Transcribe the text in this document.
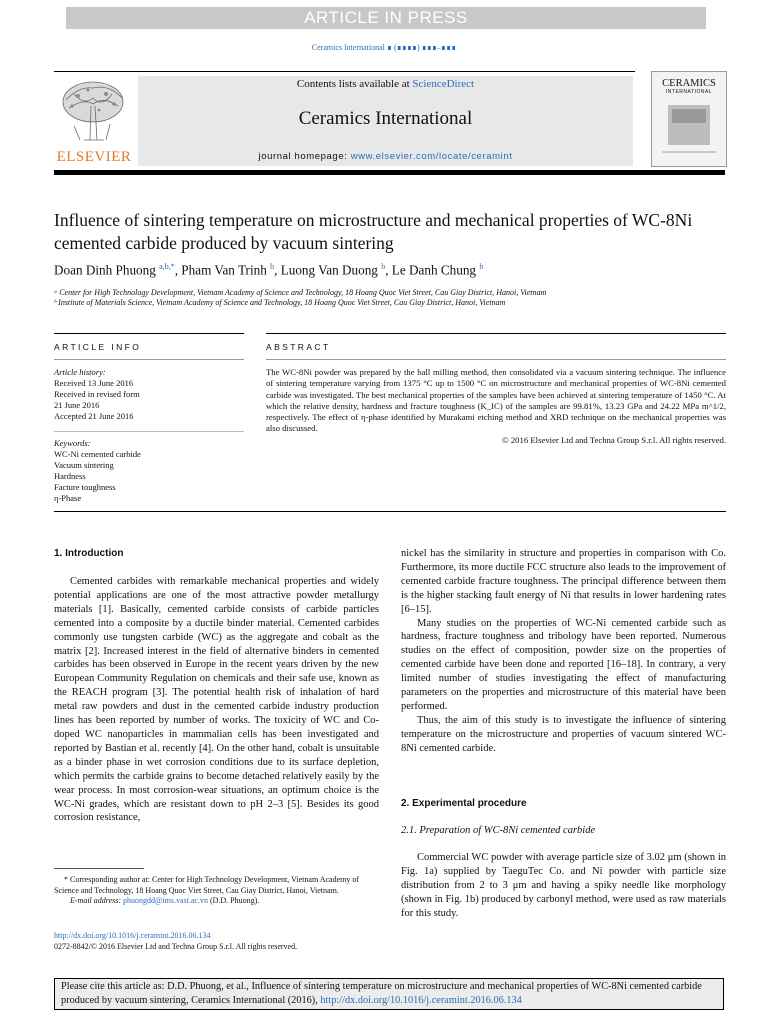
ARTICLE IN PRESS
Ceramics International ∎ (∎∎∎∎) ∎∎∎–∎∎∎
ELSEVIER
Contents lists available at ScienceDirect
Ceramics International
journal homepage: www.elsevier.com/locate/ceramint
CERAMICS
INTERNATIONAL
Influence of sintering temperature on microstructure and mechanical properties of WC-8Ni cemented carbide produced by vacuum sintering
Doan Dinh Phuong $^{a,b,*}$, Pham Van Trinh $^b$, Luong Van Duong $^b$, Le Danh Chung $^b$
ᵃ Center for High Technology Development, Vietnam Academy of Science and Technology, 18 Hoang Quoc Viet Street, Cau Giay District, Hanoi, Vietnam
ᵇ Institute of Materials Science, Vietnam Academy of Science and Technology, 18 Hoang Quoc Viet Street, Cau Giay District, Hanoi, Vietnam
ARTICLE INFO	ABSTRACT
Article history:
Received 13 June 2016
Received in revised form
21 June 2016
Accepted 21 June 2016
Keywords:
WC-Ni cemented carbide
Vacuum sintering
Hardness
Facture toughness
η-Phase
The WC-8Ni powder was prepared by the ball milling method, then consolidated via a vacuum sintering technique. The influence of sintering temperature varying from 1375 °C up to 1500 °C on microstructure and mechanical properties of WC-8Ni cemented carbide was investigated. The best mechanical properties of the samples have been achieved at sintering temperature of 1450 °C. At which the relative density, hardness and fracture toughness (K_IC) of the samples are 99.81%, 13.23 GPa and 24.22 MPa m^1/2, respectively. The effect of η-phase identified by Murakami etching method and XRD technique on the mechanical properties was also discussed.
© 2016 Elsevier Ltd and Techna Group S.r.l. All rights reserved.
1. Introduction

Cemented carbides with remarkable mechanical properties and widely potential applications are one of the most attractive powder metallurgy materials [1]. Basically, cemented carbide consists of carbide particles cemented into a composite by a ductile binder material. Cemented carbides commonly use tungsten carbide (WC) as the aggregate and cobalt as the matrix [2]. Increased interest in the field of alternative binders in cemented carbides has been observed in Europe in the recent years driven by the new European Community Regulation on chemicals and their safe use, known as the REACH program [3]. The potential health risk of inhalation of hard metal raw powders and dust in the cemented carbide industry production lines has been reported by number of works. The toxicity of WC and Co-doped WC nanoparticles in mammalian cells has been investigated and reported by Bastian et al. recently [4]. On the other hand, cobalt is unsuitable as a binder phase in wet corrosion conditions due to its surface depletion, which permits the carbide grains to become detached relatively easily by the wear process. In most corrosion-wear situations, an optimum choice is the WC-Ni grades, which are resistant down to pH 2–3 [5]. Besides its good corrosion resistance,

* Corresponding author at: Center for High Technology Development, Vietnam Academy of Science and Technology, 18 Hoang Quoc Viet Street, Cau Giay District, Hanoi, Vietnam.
E-mail address: phuongdd@ims.vast.ac.vn (D.D. Phuong).
http://dx.doi.org/10.1016/j.ceramint.2016.06.134
0272-8842/© 2016 Elsevier Ltd and Techna Group S.r.l. All rights reserved.

nickel has the similarity in structure and properties in comparison with Co. Furthermore, its more ductile FCC structure also leads to the improvement of cemented carbide fracture toughness. The principal difference between them is the higher stacking fault energy of Ni that results in lower hardening rates [6–15].

Many studies on the properties of WC-Ni cemented carbide such as hardness, fracture toughness and tribology have been reported. Numerous studies on the effect of composition, powder size on the properties of cemented carbide have been done and reported [16–18]. In contrary, a very limited number of studies investigating the effect of manufacturing parameters on the properties and microstructure of this material have been performed.

Thus, the aim of this study is to investigate the influence of sintering temperature on the microstructure and properties of vacuum sintered WC-8Ni cemented carbide.

2. Experimental procedure
2.1. Preparation of WC-8Ni cemented carbide

Commercial WC powder with average particle size of 3.02 μm (shown in Fig. 1a) supplied by TaeguTec Co. and Ni powder with particle size distribution from 2 to 3 μm and having a spiky needle like morphology (shown in Fig. 1b) produced by carbonyl method, were used as raw materials for this study.

Please cite this article as: D.D. Phuong, et al., Influence of sintering temperature on microstructure and mechanical properties of WC-8Ni cemented carbide produced by vacuum sintering, Ceramics International (2016), http://dx.doi.org/10.1016/j.ceramint.2016.06.134
